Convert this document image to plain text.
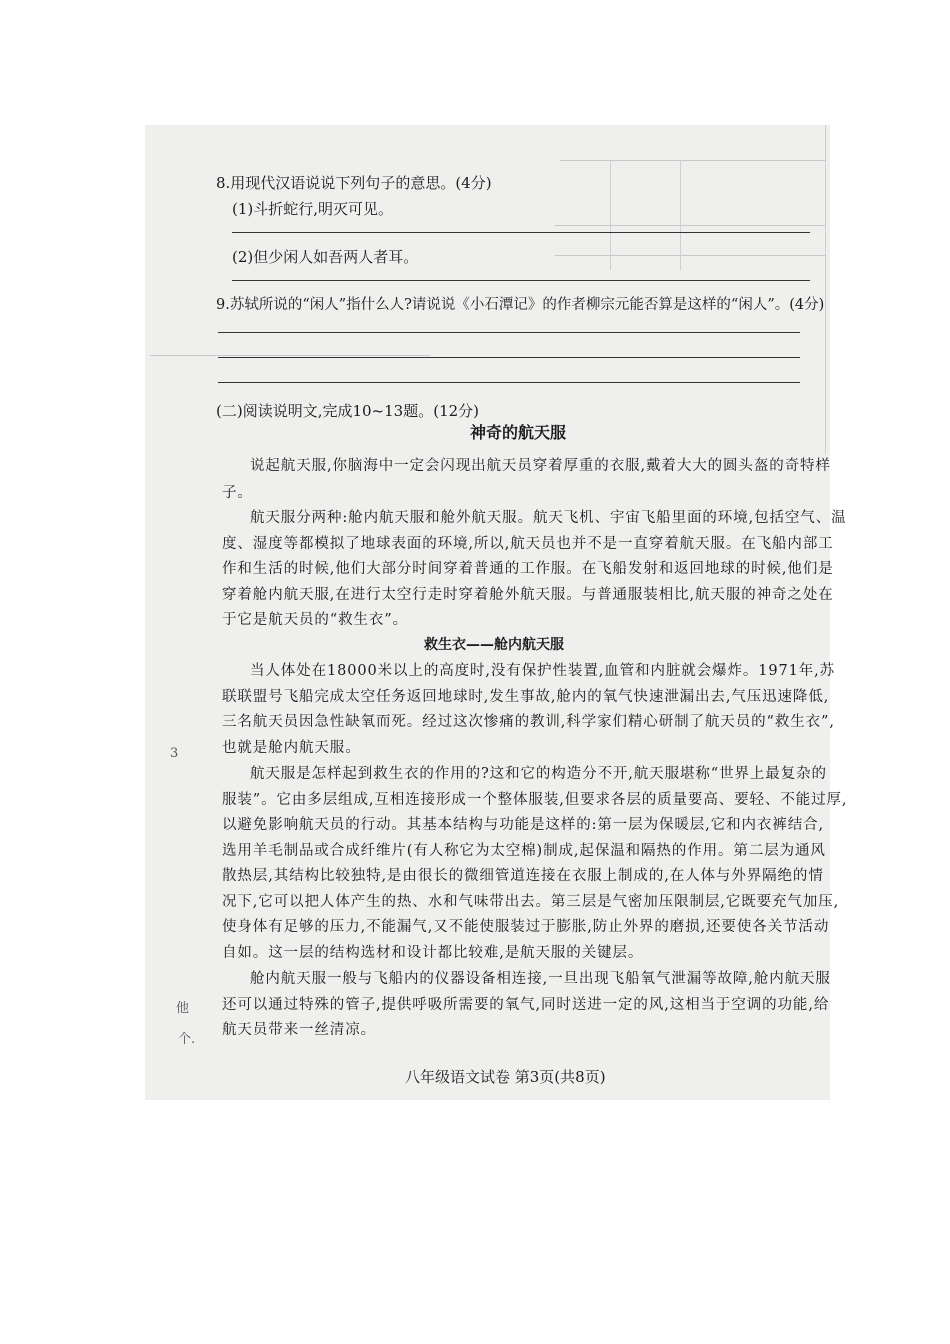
8.用现代汉语说说下列句子的意思。(4分)
(1)斗折蛇行,明灭可见。
(2)但少闲人如吾两人者耳。
9.苏轼所说的“闲人”指什么人?请说说《小石潭记》的作者柳宗元能否算是这样的“闲人”。(4分)
(二)阅读说明文,完成10~13题。(12分)
神奇的航天服
说起航天服,你脑海中一定会闪现出航天员穿着厚重的衣服,戴着大大的圆头盔的奇特样
子。
航天服分两种:舱内航天服和舱外航天服。航天飞机、宇宙飞船里面的环境,包括空气、温
度、湿度等都模拟了地球表面的环境,所以,航天员也并不是一直穿着航天服。在飞船内部工
作和生活的时候,他们大部分时间穿着普通的工作服。在飞船发射和返回地球的时候,他们是
穿着舱内航天服,在进行太空行走时穿着舱外航天服。与普通服装相比,航天服的神奇之处在
于它是航天员的“救生衣”。
救生衣——舱内航天服
当人体处在18000米以上的高度时,没有保护性装置,血管和内脏就会爆炸。1971年,苏
联联盟号飞船完成太空任务返回地球时,发生事故,舱内的氧气快速泄漏出去,气压迅速降低,
三名航天员因急性缺氧而死。经过这次惨痛的教训,科学家们精心研制了航天员的“救生衣”,
也就是舱内航天服。
航天服是怎样起到救生衣的作用的?这和它的构造分不开,航天服堪称“世界上最复杂的
服装”。它由多层组成,互相连接形成一个整体服装,但要求各层的质量要高、要轻、不能过厚,
以避免影响航天员的行动。其基本结构与功能是这样的:第一层为保暖层,它和内衣裤结合,
选用羊毛制品或合成纤维片(有人称它为太空棉)制成,起保温和隔热的作用。第二层为通风
散热层,其结构比较独特,是由很长的微细管道连接在衣服上制成的,在人体与外界隔绝的情
况下,它可以把人体产生的热、水和气味带出去。第三层是气密加压限制层,它既要充气加压,
使身体有足够的压力,不能漏气,又不能使服装过于膨胀,防止外界的磨损,还要使各关节活动
自如。这一层的结构选材和设计都比较难,是航天服的关键层。
舱内航天服一般与飞船内的仪器设备相连接,一旦出现飞船氧气泄漏等故障,舱内航天服
还可以通过特殊的管子,提供呼吸所需要的氧气,同时送进一定的风,这相当于空调的功能,给
航天员带来一丝清凉。
3
他
个.
八年级语文试卷 第3页(共8页)
